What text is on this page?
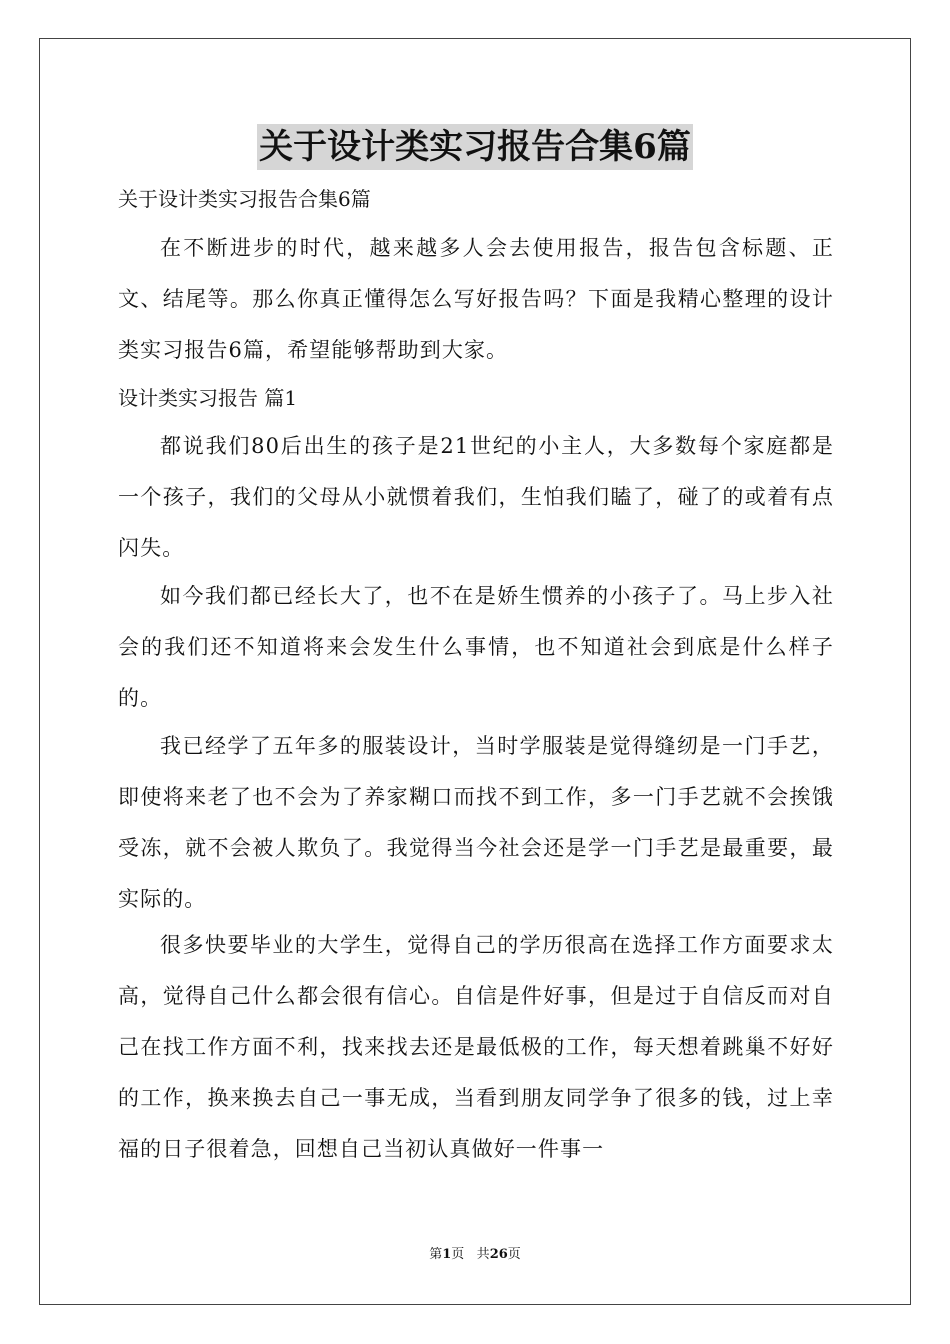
关于设计类实习报告合集6篇
关于设计类实习报告合集6篇

在不断进步的时代，越来越多人会去使用报告，报告包含标题、正文、结尾等。那么你真正懂得怎么写好报告吗？下面是我精心整理的设计类实习报告6篇，希望能够帮助到大家。

设计类实习报告 篇1

都说我们80后出生的孩子是21世纪的小主人，大多数每个家庭都是一个孩子，我们的父母从小就惯着我们，生怕我们瞌了，碰了的或着有点闪失。

如今我们都已经长大了，也不在是娇生惯养的小孩子了。马上步入社会的我们还不知道将来会发生什么事情，也不知道社会到底是什么样子的。

我已经学了五年多的服装设计，当时学服装是觉得缝纫是一门手艺，即使将来老了也不会为了养家糊口而找不到工作，多一门手艺就不会挨饿受冻，就不会被人欺负了。我觉得当今社会还是学一门手艺是最重要，最实际的。

很多快要毕业的大学生，觉得自己的学历很高在选择工作方面要求太高，觉得自己什么都会很有信心。自信是件好事，但是过于自信反而对自己在找工作方面不利，找来找去还是最低极的工作，每天想着跳巢不好好的工作，换来换去自己一事无成，当看到朋友同学争了很多的钱，过上幸福的日子很着急，回想自己当初认真做好一件事一

第1页 共26页
